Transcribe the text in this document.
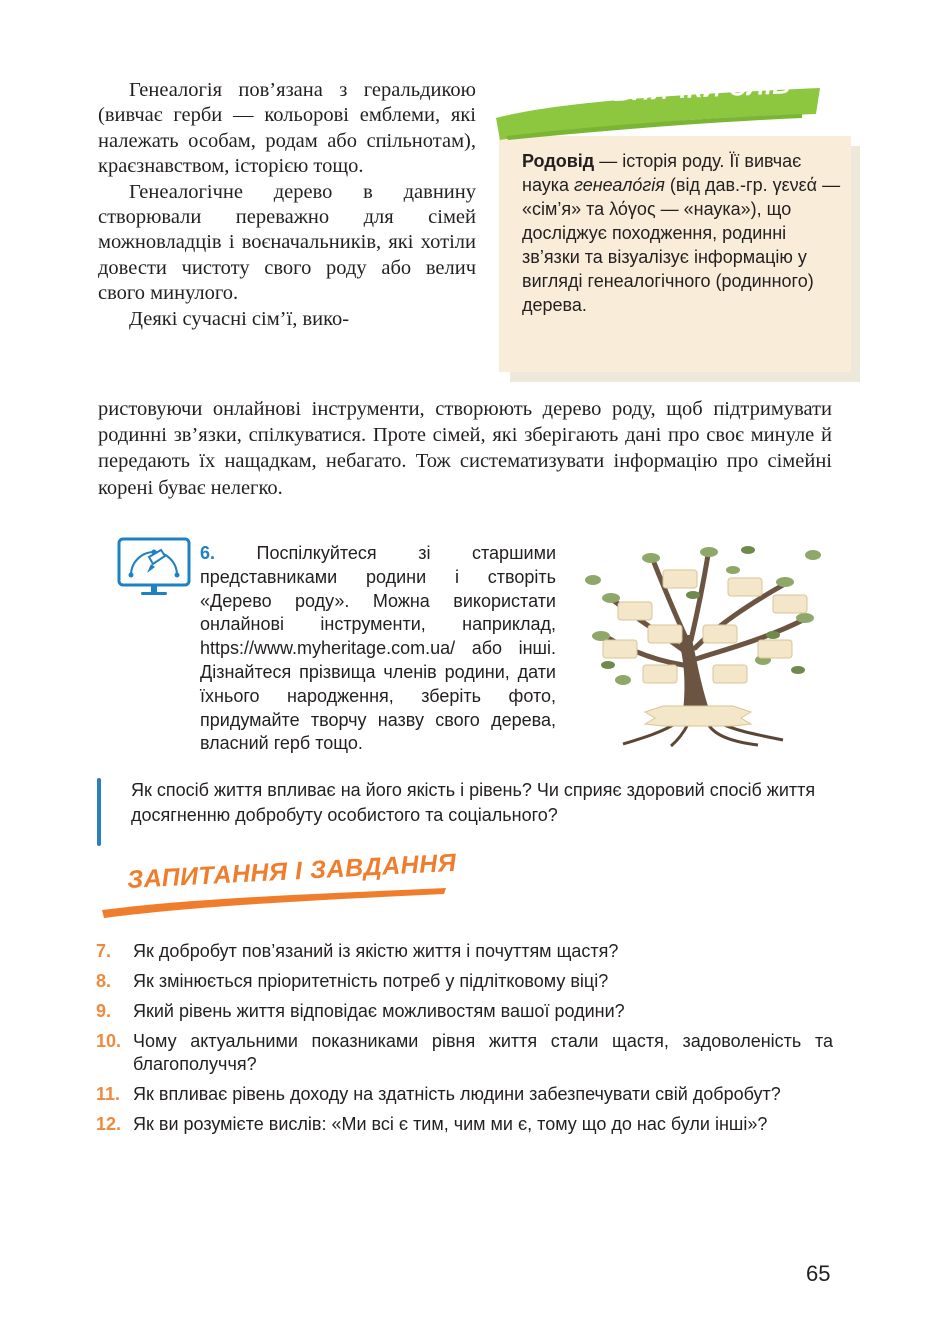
Генеалогія пов’язана з геральдикою (вивчає герби — кольорові емблеми, які належать особам, родам або спільнотам), краєзнавством, історією тощо.

Генеалогічне дерево в давнину створювали переважно для сімей можновладців і воєначальників, які хотіли довести чистоту свого роду або велич свого минулого.

Деякі сучасні сім’ї, вико-

ристовуючи онлайнові інструменти, створюють дерево роду, щоб підтримувати родинні зв’язки, спілкуватися. Проте сімей, які зберігають дані про своє минуле й передають їх нащадкам, небагато. Тож систематизувати інформацію про сімейні корені буває нелегко.

ДО СКАРБНИЧКИ СЛІВ
Родовід — історія роду. Її вивчає наука генеало́гія (від дав.-гр. γενεά — «сім’я» та λόγος — «наука»), що досліджує походження, родинні зв’язки та візуалізує інформацію у вигляді генеалогічного (родинного) дерева.
6. Поспілкуйтеся зі старшими представниками родини і створіть «Дерево роду». Можна використати онлайнові інструменти, наприклад, https://www.myheritage.com.ua/ або інші. Дізнайтеся прізвища членів родини, дати їхнього народження, зберіть фото, придумайте творчу назву свого дерева, власний герб тощо.
Як спосіб життя впливає на його якість і рівень? Чи сприяє здоровий спосіб життя досягненню добробуту особистого та соціального?
ЗАПИТАННЯ І ЗАВДАННЯ
7.	Як добробут пов’язаний із якістю життя і почуттям щастя?
8.	Як змінюється пріоритетність потреб у підлітковому віці?
9.	Який рівень життя відповідає можливостям вашої родини?
10. Чому актуальними показниками рівня життя стали щастя, задоволеність та благополуччя?
11. Як впливає рівень доходу на здатність людини забезпечувати свій добробут?
12. Як ви розумієте вислів: «Ми всі є тим, чим ми є, тому що до нас були інші»?
65
